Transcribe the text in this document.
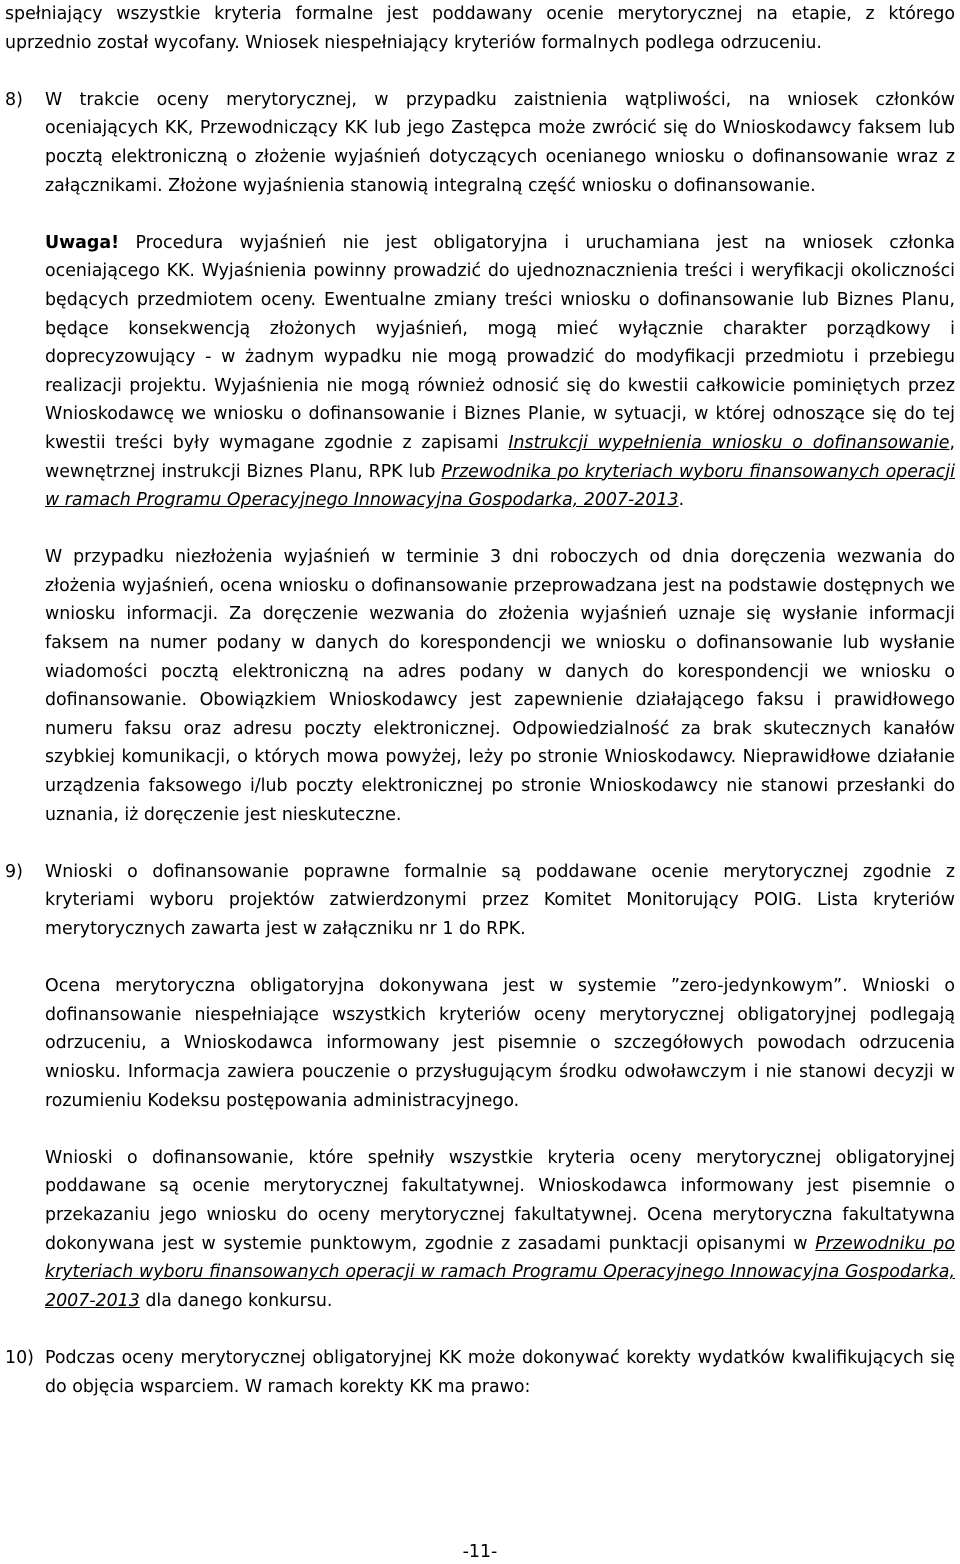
spełniający wszystkie kryteria formalne jest poddawany ocenie merytorycznej na etapie, z którego uprzednio został wycofany. Wniosek niespełniający kryteriów formalnych podlega odrzuceniu.

8) W trakcie oceny merytorycznej, w przypadku zaistnienia wątpliwości, na wniosek członków oceniających KK, Przewodniczący KK lub jego Zastępca może zwrócić się do Wnioskodawcy faksem lub pocztą elektroniczną o złożenie wyjaśnień dotyczących ocenianego wniosku o dofinansowanie wraz z załącznikami. Złożone wyjaśnienia stanowią integralną część wniosku o dofinansowanie.

Uwaga! Procedura wyjaśnień nie jest obligatoryjna i uruchamiana jest na wniosek członka oceniającego KK. Wyjaśnienia powinny prowadzić do ujednoznacznienia treści i weryfikacji okoliczności będących przedmiotem oceny. Ewentualne zmiany treści wniosku o dofinansowanie lub Biznes Planu, będące konsekwencją złożonych wyjaśnień, mogą mieć wyłącznie charakter porządkowy i doprecyzowujący - w żadnym wypadku nie mogą prowadzić do modyfikacji przedmiotu i przebiegu realizacji projektu. Wyjaśnienia nie mogą również odnosić się do kwestii całkowicie pominiętych przez Wnioskodawcę we wniosku o dofinansowanie i Biznes Planie, w sytuacji, w której odnoszące się do tej kwestii treści były wymagane zgodnie z zapisami Instrukcji wypełnienia wniosku o dofinansowanie, wewnętrznej instrukcji Biznes Planu, RPK lub Przewodnika po kryteriach wyboru finansowanych operacji w ramach Programu Operacyjnego Innowacyjna Gospodarka, 2007-2013.

W przypadku niezłożenia wyjaśnień w terminie 3 dni roboczych od dnia doręczenia wezwania do złożenia wyjaśnień, ocena wniosku o dofinansowanie przeprowadzana jest na podstawie dostępnych we wniosku informacji. Za doręczenie wezwania do złożenia wyjaśnień uznaje się wysłanie informacji faksem na numer podany w danych do korespondencji we wniosku o dofinansowanie lub wysłanie wiadomości pocztą elektroniczną na adres podany w danych do korespondencji we wniosku o dofinansowanie. Obowiązkiem Wnioskodawcy jest zapewnienie działającego faksu i prawidłowego numeru faksu oraz adresu poczty elektronicznej. Odpowiedzialność za brak skutecznych kanałów szybkiej komunikacji, o których mowa powyżej, leży po stronie Wnioskodawcy. Nieprawidłowe działanie urządzenia faksowego i/lub poczty elektronicznej po stronie Wnioskodawcy nie stanowi przesłanki do uznania, iż doręczenie jest nieskuteczne.

9) Wnioski o dofinansowanie poprawne formalnie są poddawane ocenie merytorycznej zgodnie z kryteriami wyboru projektów zatwierdzonymi przez Komitet Monitorujący POIG. Lista kryteriów merytorycznych zawarta jest w załączniku nr 1 do RPK.

Ocena merytoryczna obligatoryjna dokonywana jest w systemie ”zero-jedynkowym”. Wnioski o dofinansowanie niespełniające wszystkich kryteriów oceny merytorycznej obligatoryjnej podlegają odrzuceniu, a Wnioskodawca informowany jest pisemnie o szczegółowych powodach odrzucenia wniosku. Informacja zawiera pouczenie o przysługującym środku odwoławczym i nie stanowi decyzji w rozumieniu Kodeksu postępowania administracyjnego.

Wnioski o dofinansowanie, które spełniły wszystkie kryteria oceny merytorycznej obligatoryjnej poddawane są ocenie merytorycznej fakultatywnej. Wnioskodawca informowany jest pisemnie o przekazaniu jego wniosku do oceny merytorycznej fakultatywnej. Ocena merytoryczna fakultatywna dokonywana jest w systemie punktowym, zgodnie z zasadami punktacji opisanymi w Przewodniku po kryteriach wyboru finansowanych operacji w ramach Programu Operacyjnego Innowacyjna Gospodarka, 2007-2013 dla danego konkursu.

10) Podczas oceny merytorycznej obligatoryjnej KK może dokonywać korekty wydatków kwalifikujących się do objęcia wsparciem. W ramach korekty KK ma prawo:

-11-
